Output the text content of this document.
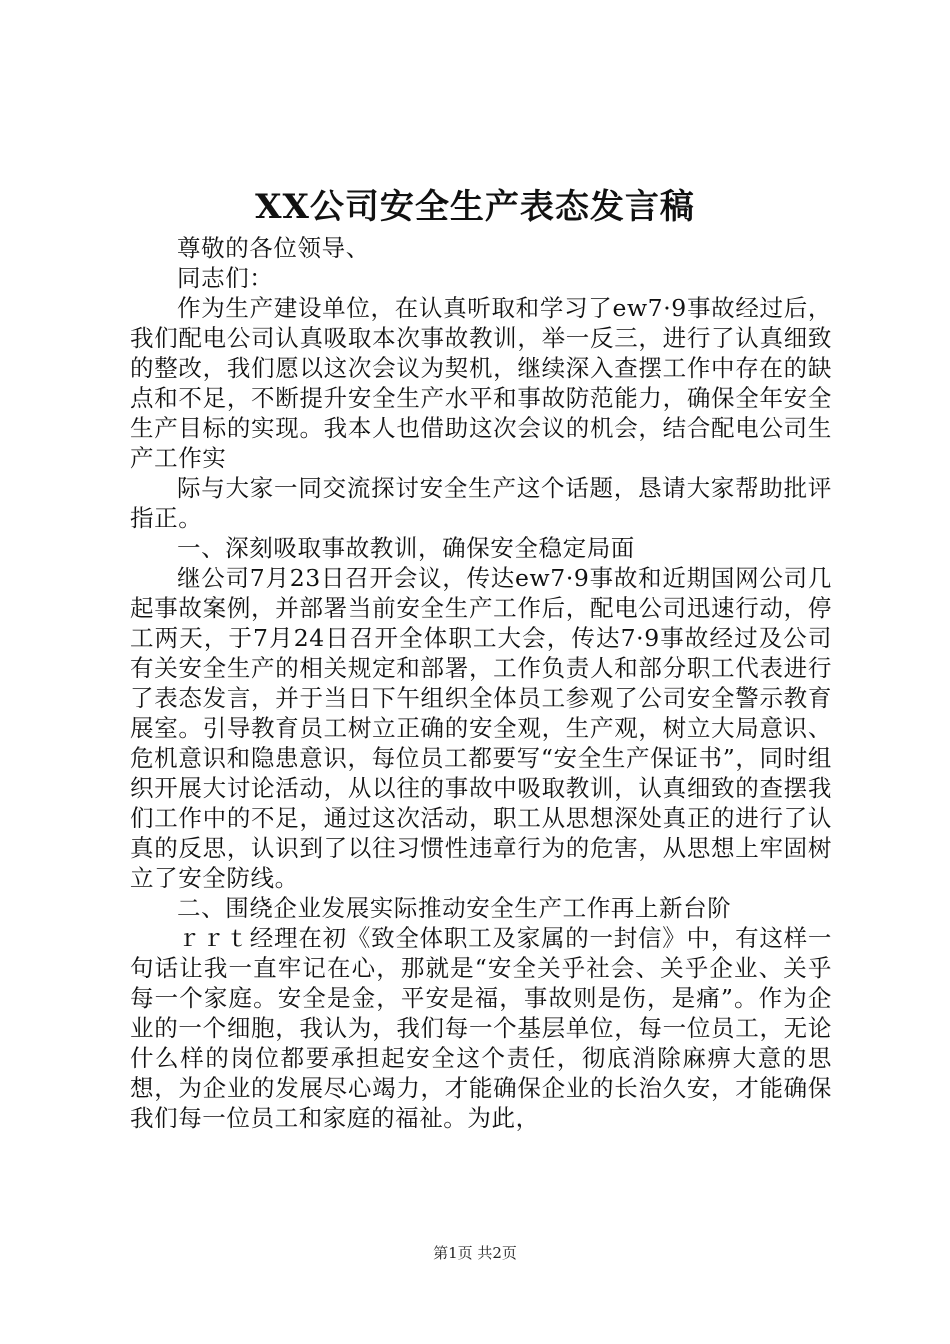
XX公司安全生产表态发言稿

尊敬的各位领导、

同志们：

作为生产建设单位，在认真听取和学习了ew7·9事故经过后，我们配电公司认真吸取本次事故教训，举一反三，进行了认真细致的整改，我们愿以这次会议为契机，继续深入查摆工作中存在的缺点和不足，不断提升安全生产水平和事故防范能力，确保全年安全生产目标的实现。我本人也借助这次会议的机会，结合配电公司生产工作实

际与大家一同交流探讨安全生产这个话题，恳请大家帮助批评指正。

一、深刻吸取事故教训，确保安全稳定局面

继公司7月23日召开会议，传达ew7·9事故和近期国网公司几起事故案例，并部署当前安全生产工作后，配电公司迅速行动，停工两天，于7月24日召开全体职工大会，传达7·9事故经过及公司有关安全生产的相关规定和部署，工作负责人和部分职工代表进行了表态发言，并于当日下午组织全体员工参观了公司安全警示教育展室。引导教育员工树立正确的安全观，生产观，树立大局意识、危机意识和隐患意识，每位员工都要写“安全生产保证书”，同时组织开展大讨论活动，从以往的事故中吸取教训，认真细致的查摆我们工作中的不足，通过这次活动，职工从思想深处真正的进行了认真的反思，认识到了以往习惯性违章行为的危害，从思想上牢固树立了安全防线。

二、围绕企业发展实际推动安全生产工作再上新台阶

ｒｒｔ经理在初《致全体职工及家属的一封信》中，有这样一句话让我一直牢记在心，那就是“安全关乎社会、关乎企业、关乎每一个家庭。安全是金，平安是福，事故则是伤，是痛”。作为企业的一个细胞，我认为，我们每一个基层单位，每一位员工，无论什么样的岗位都要承担起安全这个责任，彻底消除麻痹大意的思想，为企业的发展尽心竭力，才能确保企业的长治久安，才能确保我们每一位员工和家庭的福祉。为此，

第1页 共2页
